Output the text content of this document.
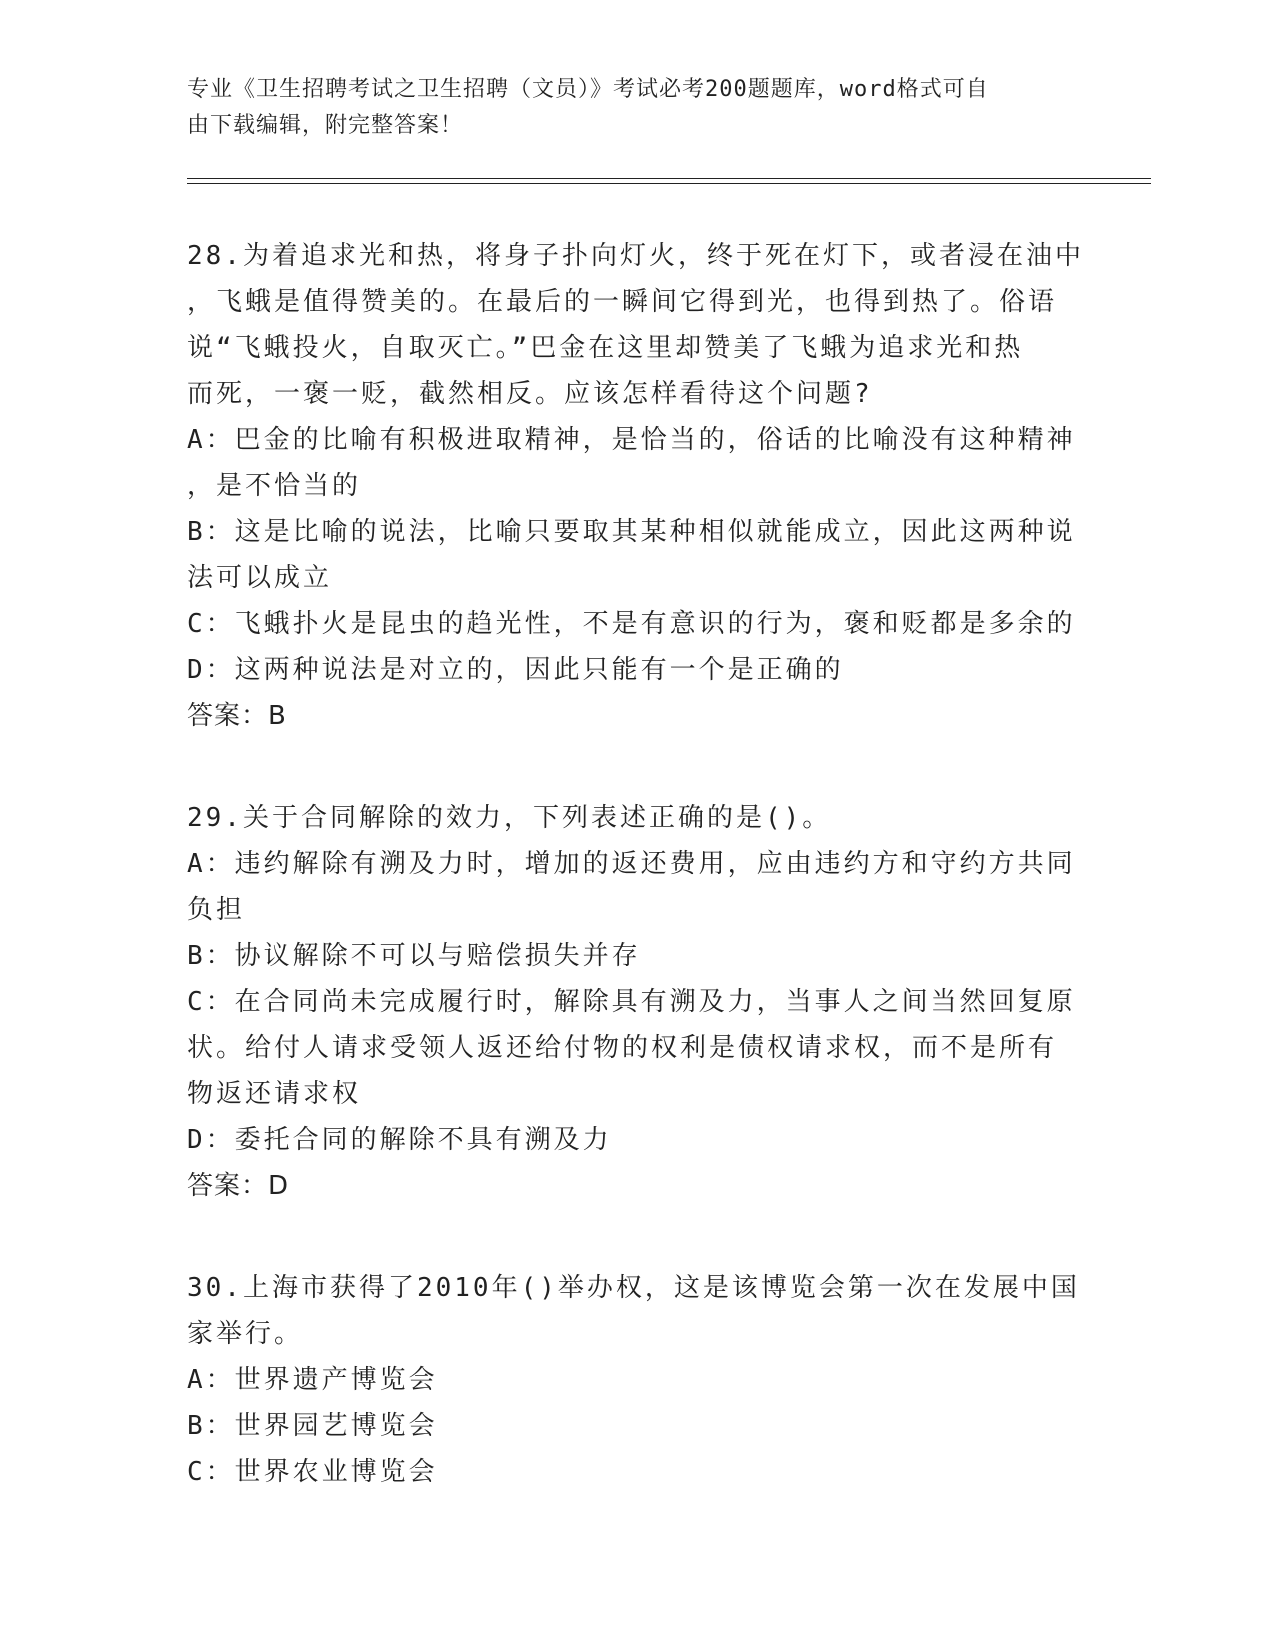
专业《卫生招聘考试之卫生招聘（文员）》考试必考200题题库，word格式可自
由下载编辑，附完整答案！
28.为着追求光和热，将身子扑向灯火，终于死在灯下，或者浸在油中
，飞蛾是值得赞美的。在最后的一瞬间它得到光，也得到热了。俗语
说“飞蛾投火，自取灭亡。”巴金在这里却赞美了飞蛾为追求光和热
而死，一褒一贬，截然相反。应该怎样看待这个问题?
A：巴金的比喻有积极进取精神，是恰当的，俗话的比喻没有这种精神
，是不恰当的
B：这是比喻的说法，比喻只要取其某种相似就能成立，因此这两种说
法可以成立
C：飞蛾扑火是昆虫的趋光性，不是有意识的行为，褒和贬都是多余的
D：这两种说法是对立的，因此只能有一个是正确的
答案：B
29.关于合同解除的效力，下列表述正确的是()。
A：违约解除有溯及力时，增加的返还费用，应由违约方和守约方共同
负担
B：协议解除不可以与赔偿损失并存
C：在合同尚未完成履行时，解除具有溯及力，当事人之间当然回复原
状。给付人请求受领人返还给付物的权利是债权请求权，而不是所有
物返还请求权
D：委托合同的解除不具有溯及力
答案：D
30.上海市获得了2010年()举办权，这是该博览会第一次在发展中国
家举行。
A：世界遗产博览会
B：世界园艺博览会
C：世界农业博览会
